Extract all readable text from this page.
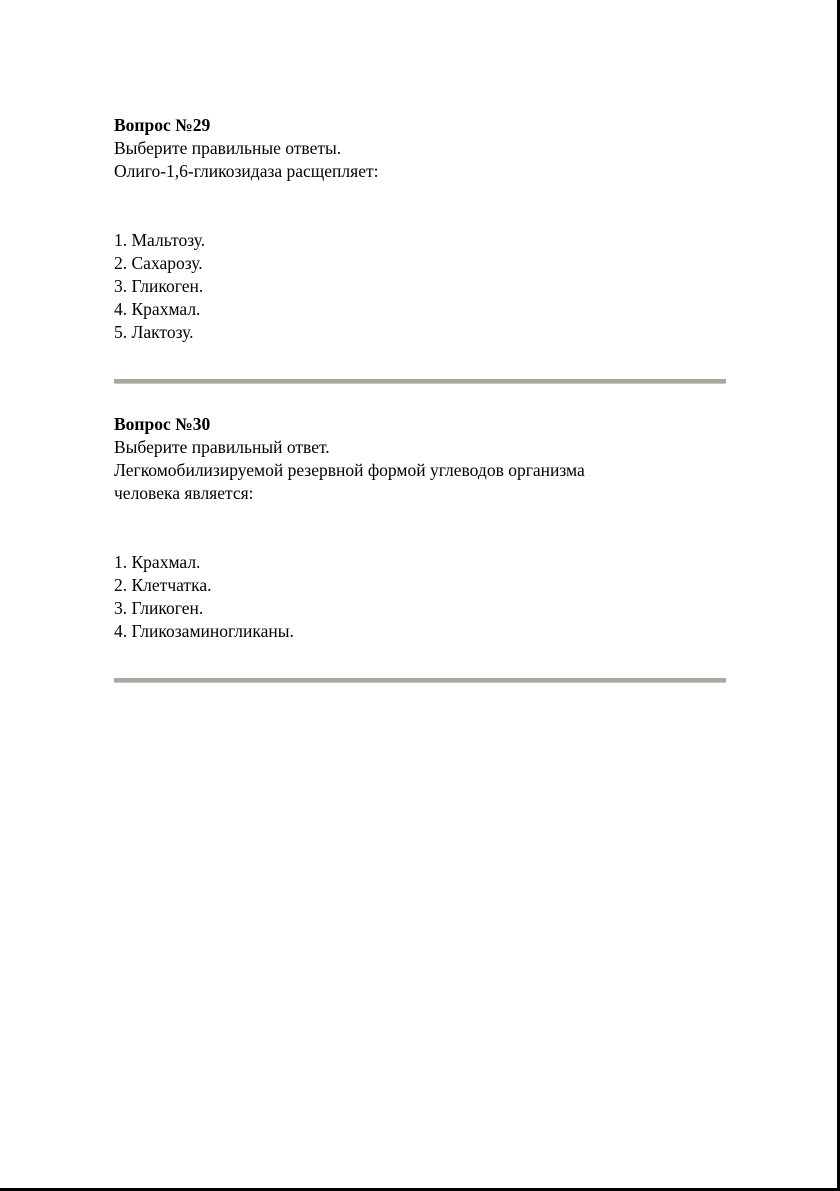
Вопрос №29
Выберите правильные ответы.
Олиго-1,6-гликозидаза расщепляет:
1. Мальтозу.
2. Сахарозу.
3. Гликоген.
4. Крахмал.
5. Лактозу.
Вопрос №30
Выберите правильный ответ.
Легкомобилизируемой резервной формой углеводов организма
человека является:
1. Крахмал.
2. Клетчатка.
3. Гликоген.
4. Гликозаминогликаны.
